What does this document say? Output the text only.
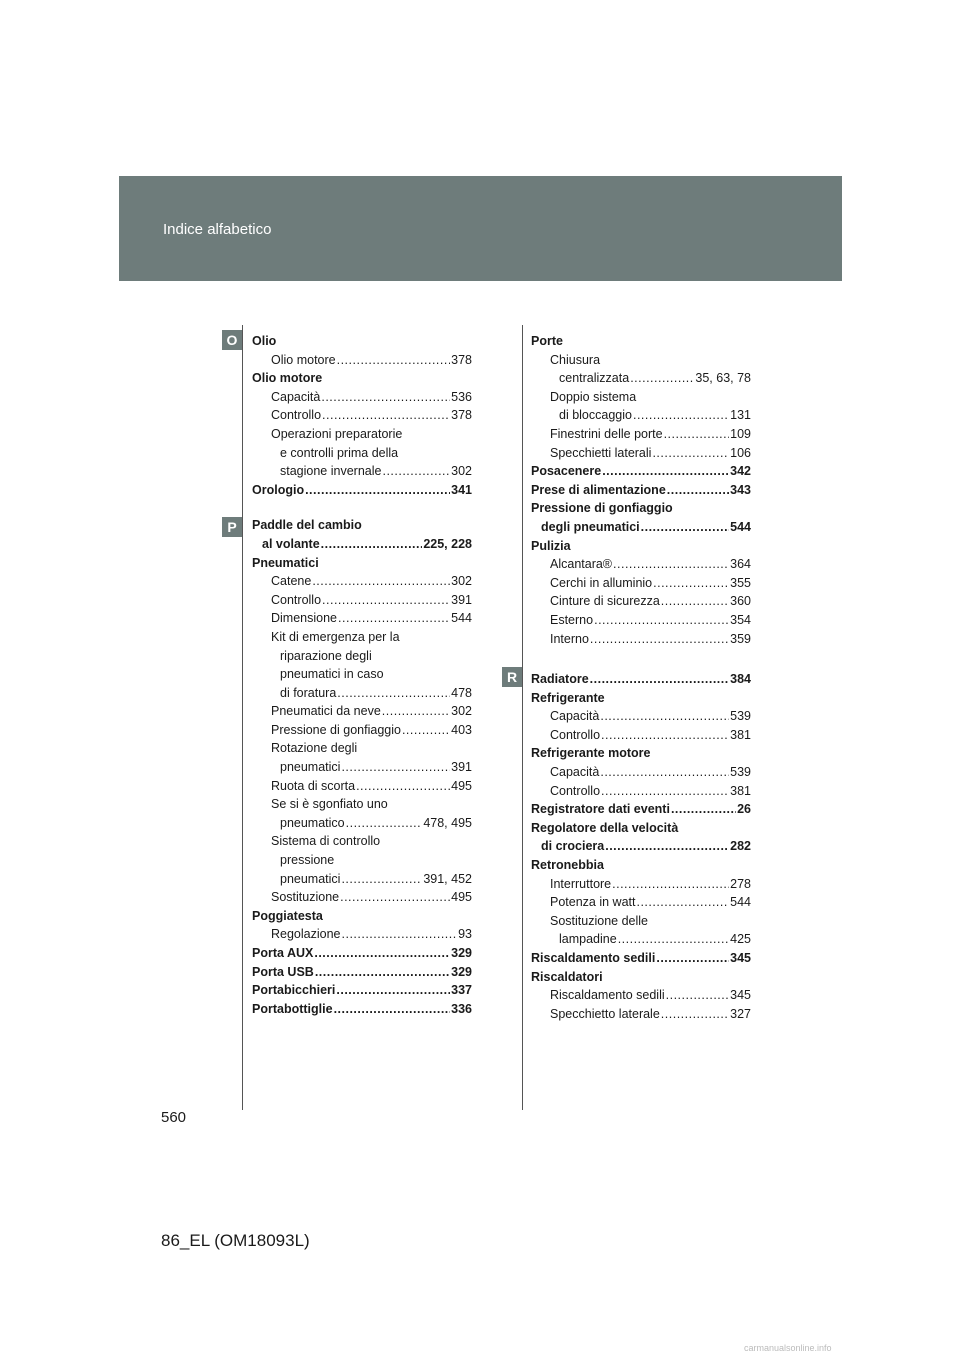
Indice alfabetico
O
P
R
Olio
Olio motore .....	378
Olio motore
Capacità .....	536
Controllo .....	378
Operazioni preparatorie
e controlli prima della
stagione invernale .....	302
Orologio .....	341
Paddle del cambio
al volante .....	225, 228
Pneumatici
Catene .....	302
Controllo .....	391
Dimensione .....	544
Kit di emergenza per la
riparazione degli
pneumatici in caso
di foratura .....	478
Pneumatici da neve .....	302
Pressione di gonfiaggio .....	403
Rotazione degli
pneumatici .....	391
Ruota di scorta .....	495
Se si è sgonfiato uno
pneumatico .....	478, 495
Sistema di controllo
pressione
pneumatici .....	391, 452
Sostituzione .....	495
Poggiatesta
Regolazione .....	93
Porta AUX .....	329
Porta USB .....	329
Portabicchieri .....	337
Portabottiglie .....	336
Porte
Chiusura
centralizzata .....	35, 63, 78
Doppio sistema
di bloccaggio .....	131
Finestrini delle porte .....	109
Specchietti laterali .....	106
Posacenere .....	342
Prese di alimentazione .....	343
Pressione di gonfiaggio
degli pneumatici .....	544
Pulizia
Alcantara® .....	364
Cerchi in alluminio .....	355
Cinture di sicurezza .....	360
Esterno .....	354
Interno .....	359
Radiatore .....	384
Refrigerante
Capacità .....	539
Controllo .....	381
Refrigerante motore
Capacità .....	539
Controllo .....	381
Registratore dati eventi .....	26
Regolatore della velocità
di crociera .....	282
Retronebbia
Interruttore .....	278
Potenza in watt .....	544
Sostituzione delle
lampadine .....	425
Riscaldamento sedili .....	345
Riscaldatori
Riscaldamento sedili .....	345
Specchietto laterale .....	327
560
86_EL (OM18093L)
carmanualsonline.info
